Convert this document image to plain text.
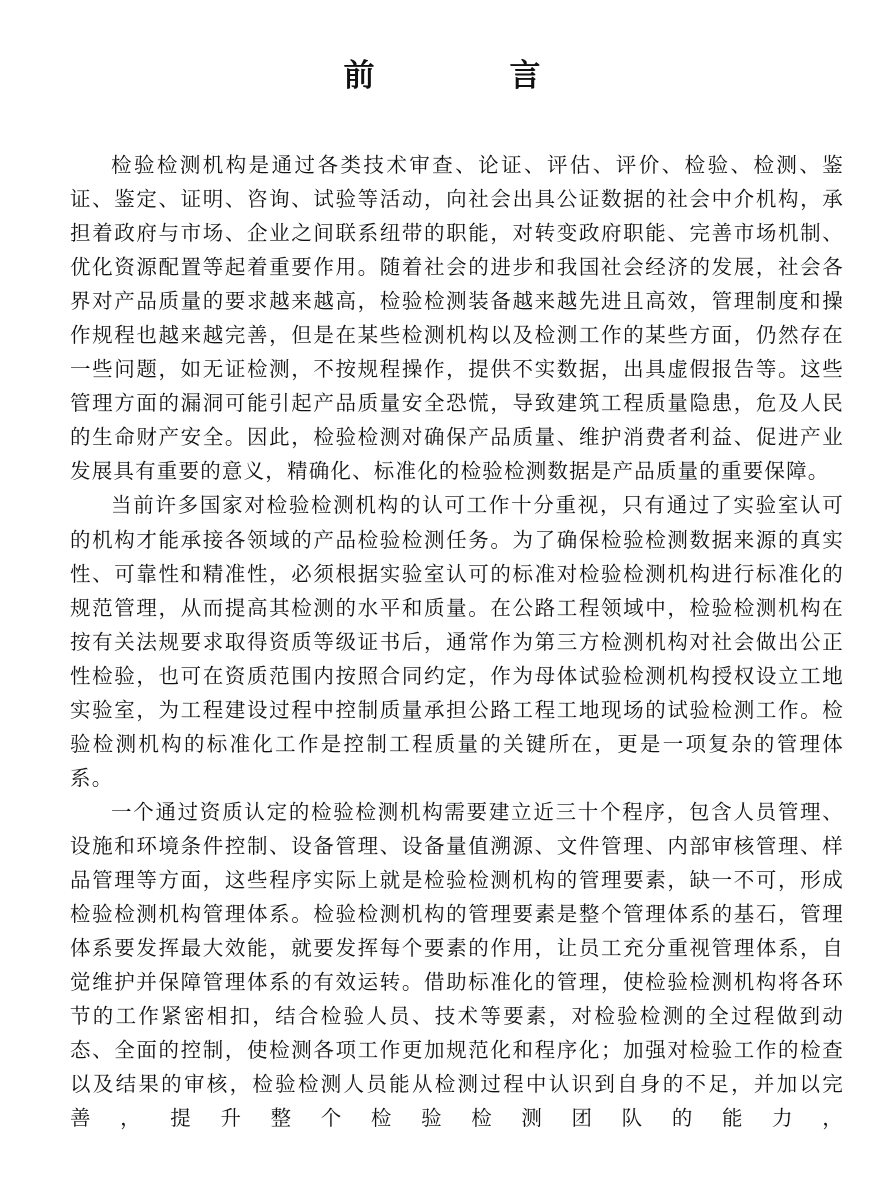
前　言

检验检测机构是通过各类技术审查、论证、评估、评价、检验、检测、鉴证、鉴定、证明、咨询、试验等活动，向社会出具公证数据的社会中介机构，承担着政府与市场、企业之间联系纽带的职能，对转变政府职能、完善市场机制、优化资源配置等起着重要作用。随着社会的进步和我国社会经济的发展，社会各界对产品质量的要求越来越高，检验检测装备越来越先进且高效，管理制度和操作规程也越来越完善，但是在某些检测机构以及检测工作的某些方面，仍然存在一些问题，如无证检测，不按规程操作，提供不实数据，出具虚假报告等。这些管理方面的漏洞可能引起产品质量安全恐慌，导致建筑工程质量隐患，危及人民的生命财产安全。因此，检验检测对确保产品质量、维护消费者利益、促进产业发展具有重要的意义，精确化、标准化的检验检测数据是产品质量的重要保障。

当前许多国家对检验检测机构的认可工作十分重视，只有通过了实验室认可的机构才能承接各领域的产品检验检测任务。为了确保检验检测数据来源的真实性、可靠性和精准性，必须根据实验室认可的标准对检验检测机构进行标准化的规范管理，从而提高其检测的水平和质量。在公路工程领域中，检验检测机构在按有关法规要求取得资质等级证书后，通常作为第三方检测机构对社会做出公正性检验，也可在资质范围内按照合同约定，作为母体试验检测机构授权设立工地实验室，为工程建设过程中控制质量承担公路工程工地现场的试验检测工作。检验检测机构的标准化工作是控制工程质量的关键所在，更是一项复杂的管理体系。

一个通过资质认定的检验检测机构需要建立近三十个程序，包含人员管理、设施和环境条件控制、设备管理、设备量值溯源、文件管理、内部审核管理、样品管理等方面，这些程序实际上就是检验检测机构的管理要素，缺一不可，形成检验检测机构管理体系。检验检测机构的管理要素是整个管理体系的基石，管理体系要发挥最大效能，就要发挥每个要素的作用，让员工充分重视管理体系，自觉维护并保障管理体系的有效运转。借助标准化的管理，使检验检测机构将各环节的工作紧密相扣，结合检验人员、技术等要素，对检验检测的全过程做到动态、全面的控制，使检测各项工作更加规范化和程序化；加强对检验工作的检查以及结果的审核，检验检测人员能从检测过程中认识到自身的不足，并加以完善，提升整个检验检测团队的能力，
